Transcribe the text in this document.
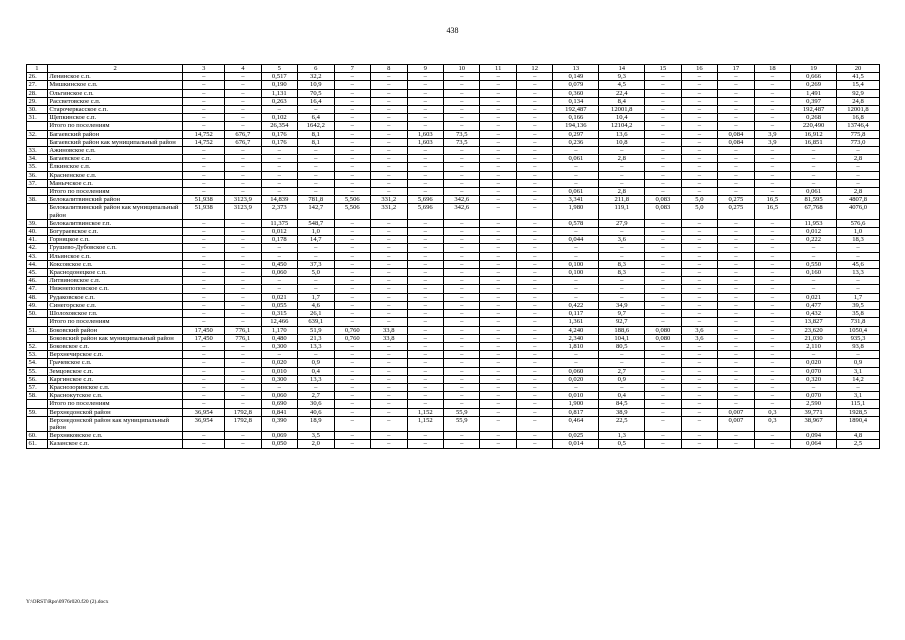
438
1	2	3	4	5	6	7	8	9	10	11	12	13	14	15	16	17	18	19	20
26.	Ленинское с.п.	–	–	0,517	32,2	–	–	–	–	–	–	0,149	9,3	–	–	–	–	0,666	41,5
27.	Мишкинское с.п.	–	–	0,190	10,9	–	–	–	–	–	–	0,079	4,5	–	–	–	–	0,269	15,4
28.	Ольгинское с.п.	–	–	1,131	70,5	–	–	–	–	–	–	0,360	22,4	–	–	–	–	1,491	92,9
29.	Рассветовское с.п.	–	–	0,263	16,4	–	–	–	–	–	–	0,134	8,4	–	–	–	–	0,397	24,8
30.	Старочеркасское с.п.	–	–	–	–	–	–	–	–	–	–	192,487	12001,8	–	–	–	–	192,487	12001,8
31.	Щепкинское с.п.	–	–	0,102	6,4	–	–	–	–	–	–	0,166	10,4	–	–	–	–	0,268	16,8
	Итого по поселениям	–	–	26,354	1642,2	–	–	–	–	–	–	194,136	12104,2	–	–	–	–	220,490	13746,4
32.	Багаевский район	14,752	676,7	0,176	8,1	–	–	1,603	73,5	–	–	0,297	13,6	–	–	0,084	3,9	16,912	775,8
	Багаевский район как муниципальный район	14,752	676,7	0,176	8,1	–	–	1,603	73,5	–	–	0,236	10,8	–	–	0,084	3,9	16,851	773,0
33.	Ажиновское с.п.	–	–	–	–	–	–	–	–	–	–	–	–	–	–	–	–	–	–
34.	Багаевское с.п.	–	–	–	–	–	–	–	–	–	–	0,061	2,8	–	–	–	–	–	2,8
35.	Ёлкинское с.п.	–	–	–	–	–	–	–	–	–	–	–	–	–	–	–	–	–	–
36.	Красненское с.п.	–	–	–	–	–	–	–	–	–	–	–	–	–	–	–	–	–	–
37.	Манычское с.п.	–	–	–	–	–	–	–	–	–	–	–	–	–	–	–	–	–	–
	Итого по поселениям	–	–	–	–	–	–	–	–	–	–	0,061	2,8	–	–	–	–	0,061	2,8
38.	Белокалитвинский район	51,938	3123,9	14,839	781,8	5,506	331,2	5,696	342,6	–	–	3,341	211,8	0,083	5,0	0,275	16,5	81,595	4807,8
	Белокалитвинский район как муниципальный район	51,938	3123,9	2,373	142,7	5,506	331,2	5,696	342,6	–	–	1,980	119,1	0,083	5,0	0,275	16,5	67,768	4076,0
39.	Белокалитвинское г.п.	–	–	11,375	548,7	–	–	–	–	–	–	0,578	27,9	–	–	–	–	11,953	576,6
40.	Богураевское с.п.	–	–	0,012	1,0	–	–	–	–	–	–	–	–	–	–	–	–	0,012	1,0
41.	Горняцкое с.п.	–	–	0,178	14,7	–	–	–	–	–	–	0,044	3,6	–	–	–	–	0,222	18,3
42.	Грушево-Дубовское с.п.	–	–	–	–	–	–	–	–	–	–	–	–	–	–	–	–	–	–
43.	Ильинское с.п.	–	–	–	–	–	–	–	–	–	–	–	–	–	–	–	–	–	–
44.	Коксовское с.п.	–	–	0,450	37,3	–	–	–	–	–	–	0,100	8,3	–	–	–	–	0,550	45,6
45.	Краснодонецкое с.п.	–	–	0,060	5,0	–	–	–	–	–	–	0,100	8,3	–	–	–	–	0,160	13,3
46.	Литвиновское с.п.	–	–	–	–	–	–	–	–	–	–	–	–	–	–	–	–	–	–
47.	Нижнепоповское с.п.	–	–	–	–	–	–	–	–	–	–	–	–	–	–	–	–	–	–
48.	Рудаковское с.п.	–	–	0,021	1,7	–	–	–	–	–	–	–	–	–	–	–	–	0,021	1,7
49.	Синегорское с.п.	–	–	0,055	4,6	–	–	–	–	–	–	0,422	34,9	–	–	–	–	0,477	39,5
50.	Шолоховское г.п.	–	–	0,315	26,1	–	–	–	–	–	–	0,117	9,7	–	–	–	–	0,432	35,8
	Итого по поселениям	–	–	12,466	639,1	–	–	–	–	–	–	1,361	92,7	–	–	–	–	13,827	731,8
51.	Боковский район	17,450	776,1	1,170	51,9	0,760	33,8	–	–	–	–	4,240	188,6	0,080	3,6	–	–	23,620	1050,4
	Боковский район как муниципальный район	17,450	776,1	0,480	21,3	0,760	33,8	–	–	–	–	2,340	104,1	0,080	3,6	–	–	21,030	935,3
52.	Боковское с.п.	–	–	0,300	13,3	–	–	–	–	–	–	1,810	80,5	–	–	–	–	2,110	93,8
53.	Верхнечирское с.п.	–	–	–	–	–	–	–	–	–	–	–	–	–	–	–	–	–	–
54.	Грачевское с.п.	–	–	0,020	0,9	–	–	–	–	–	–	–	–	–	–	–	–	0,020	0,9
55.	Земцовское с.п.	–	–	0,010	0,4	–	–	–	–	–	–	0,060	2,7	–	–	–	–	0,070	3,1
56.	Каргинское с.п.	–	–	0,300	13,3	–	–	–	–	–	–	0,020	0,9	–	–	–	–	0,320	14,2
57.	Краснозоринское с.п.	–	–	–	–	–	–	–	–	–	–	–	–	–	–	–	–	–	–
58.	Краснокутское с.п.	–	–	0,060	2,7	–	–	–	–	–	–	0,010	0,4	–	–	–	–	0,070	3,1
	Итого по поселениям	–	–	0,690	30,6	–	–	–	–	–	–	1,900	84,5	–	–	–	–	2,590	115,1
59.	Верхнедонской район	36,954	1792,8	0,841	40,6	–	–	1,152	55,9	–	–	0,817	38,9	–	–	0,007	0,3	39,771	1928,5
	Верхнедонской район как муниципальный район	36,954	1792,8	0,390	18,9	–	–	1,152	55,9	–	–	0,464	22,5	–	–	0,007	0,3	38,967	1890,4
60.	Верхняковское с.п.	–	–	0,069	3,5	–	–	–	–	–	–	0,025	1,3	–	–	–	–	0,094	4,8
61.	Казанское с.п.	–	–	0,050	2,0	–	–	–	–	–	–	0,014	0,5	–	–	–	–	0,064	2,5
Y:\ORST\Rpo\0976r020.f20 (2).docx
